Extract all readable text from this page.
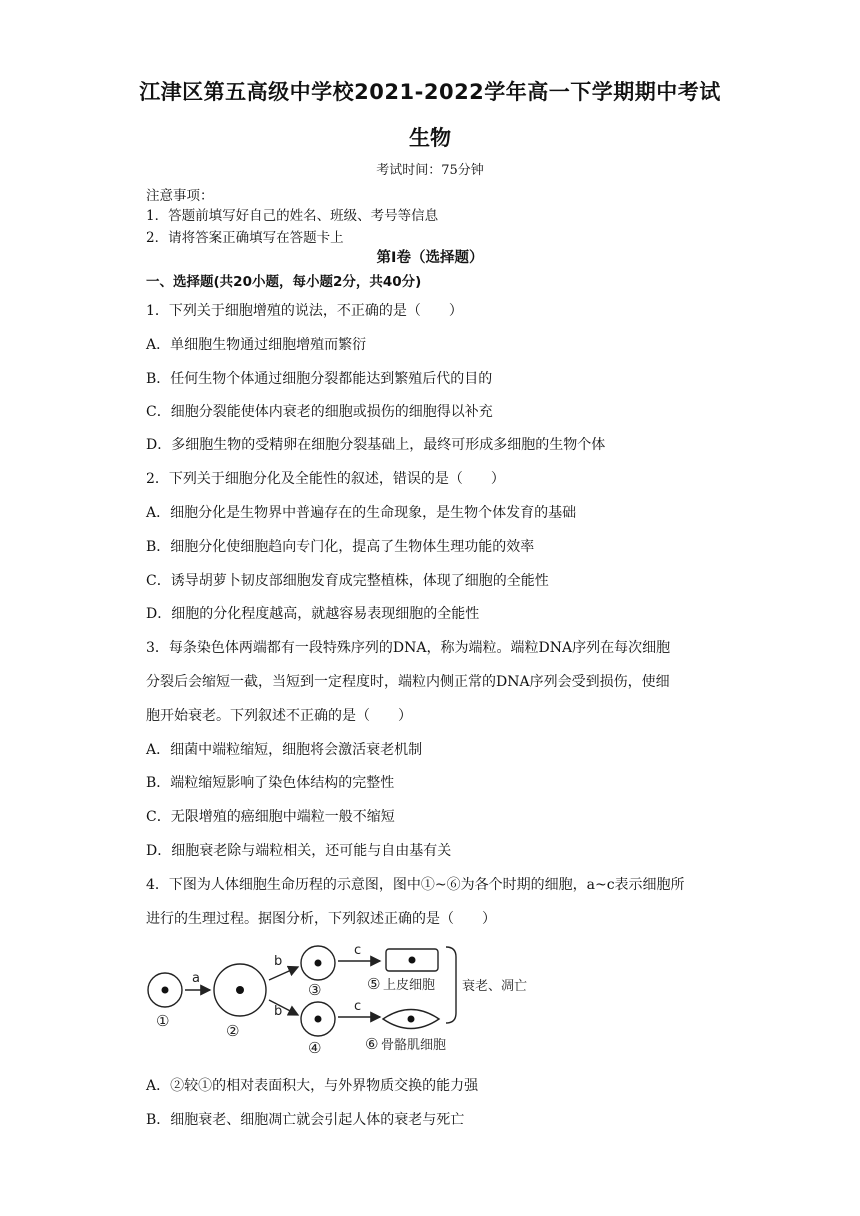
江津区第五高级中学校2021-2022学年高一下学期期中考试
生物
考试时间：75分钟
注意事项：
1．答题前填写好自己的姓名、班级、考号等信息
2．请将答案正确填写在答题卡上
第I卷（选择题）
一、选择题(共20小题，每小题2分，共40分)
1．下列关于细胞增殖的说法，不正确的是（　　）
A．单细胞生物通过细胞增殖而繁衍
B．任何生物个体通过细胞分裂都能达到繁殖后代的目的
C．细胞分裂能使体内衰老的细胞或损伤的细胞得以补充
D．多细胞生物的受精卵在细胞分裂基础上，最终可形成多细胞的生物个体
2．下列关于细胞分化及全能性的叙述，错误的是（　　）
A．细胞分化是生物界中普遍存在的生命现象，是生物个体发育的基础
B．细胞分化使细胞趋向专门化，提高了生物体生理功能的效率
C．诱导胡萝卜韧皮部细胞发育成完整植株，体现了细胞的全能性
D．细胞的分化程度越高，就越容易表现细胞的全能性
3．每条染色体两端都有一段特殊序列的DNA，称为端粒。端粒DNA序列在每次细胞
分裂后会缩短一截，当短到一定程度时，端粒内侧正常的DNA序列会受到损伤，使细
胞开始衰老。下列叙述不正确的是（　　）
A．细菌中端粒缩短，细胞将会激活衰老机制
B．端粒缩短影响了染色体结构的完整性
C．无限增殖的癌细胞中端粒一般不缩短
D．细胞衰老除与端粒相关，还可能与自由基有关
4．下图为人体细胞生命历程的示意图，图中①~⑥为各个时期的细胞，a~c表示细胞所
进行的生理过程。据图分析，下列叙述正确的是（　　）
a
b
b
c
c
①
②
③
④
⑤ 上皮细胞
⑥ 骨骼肌细胞
衰老、凋亡
A．②较①的相对表面积大，与外界物质交换的能力强
B．细胞衰老、细胞凋亡就会引起人体的衰老与死亡
